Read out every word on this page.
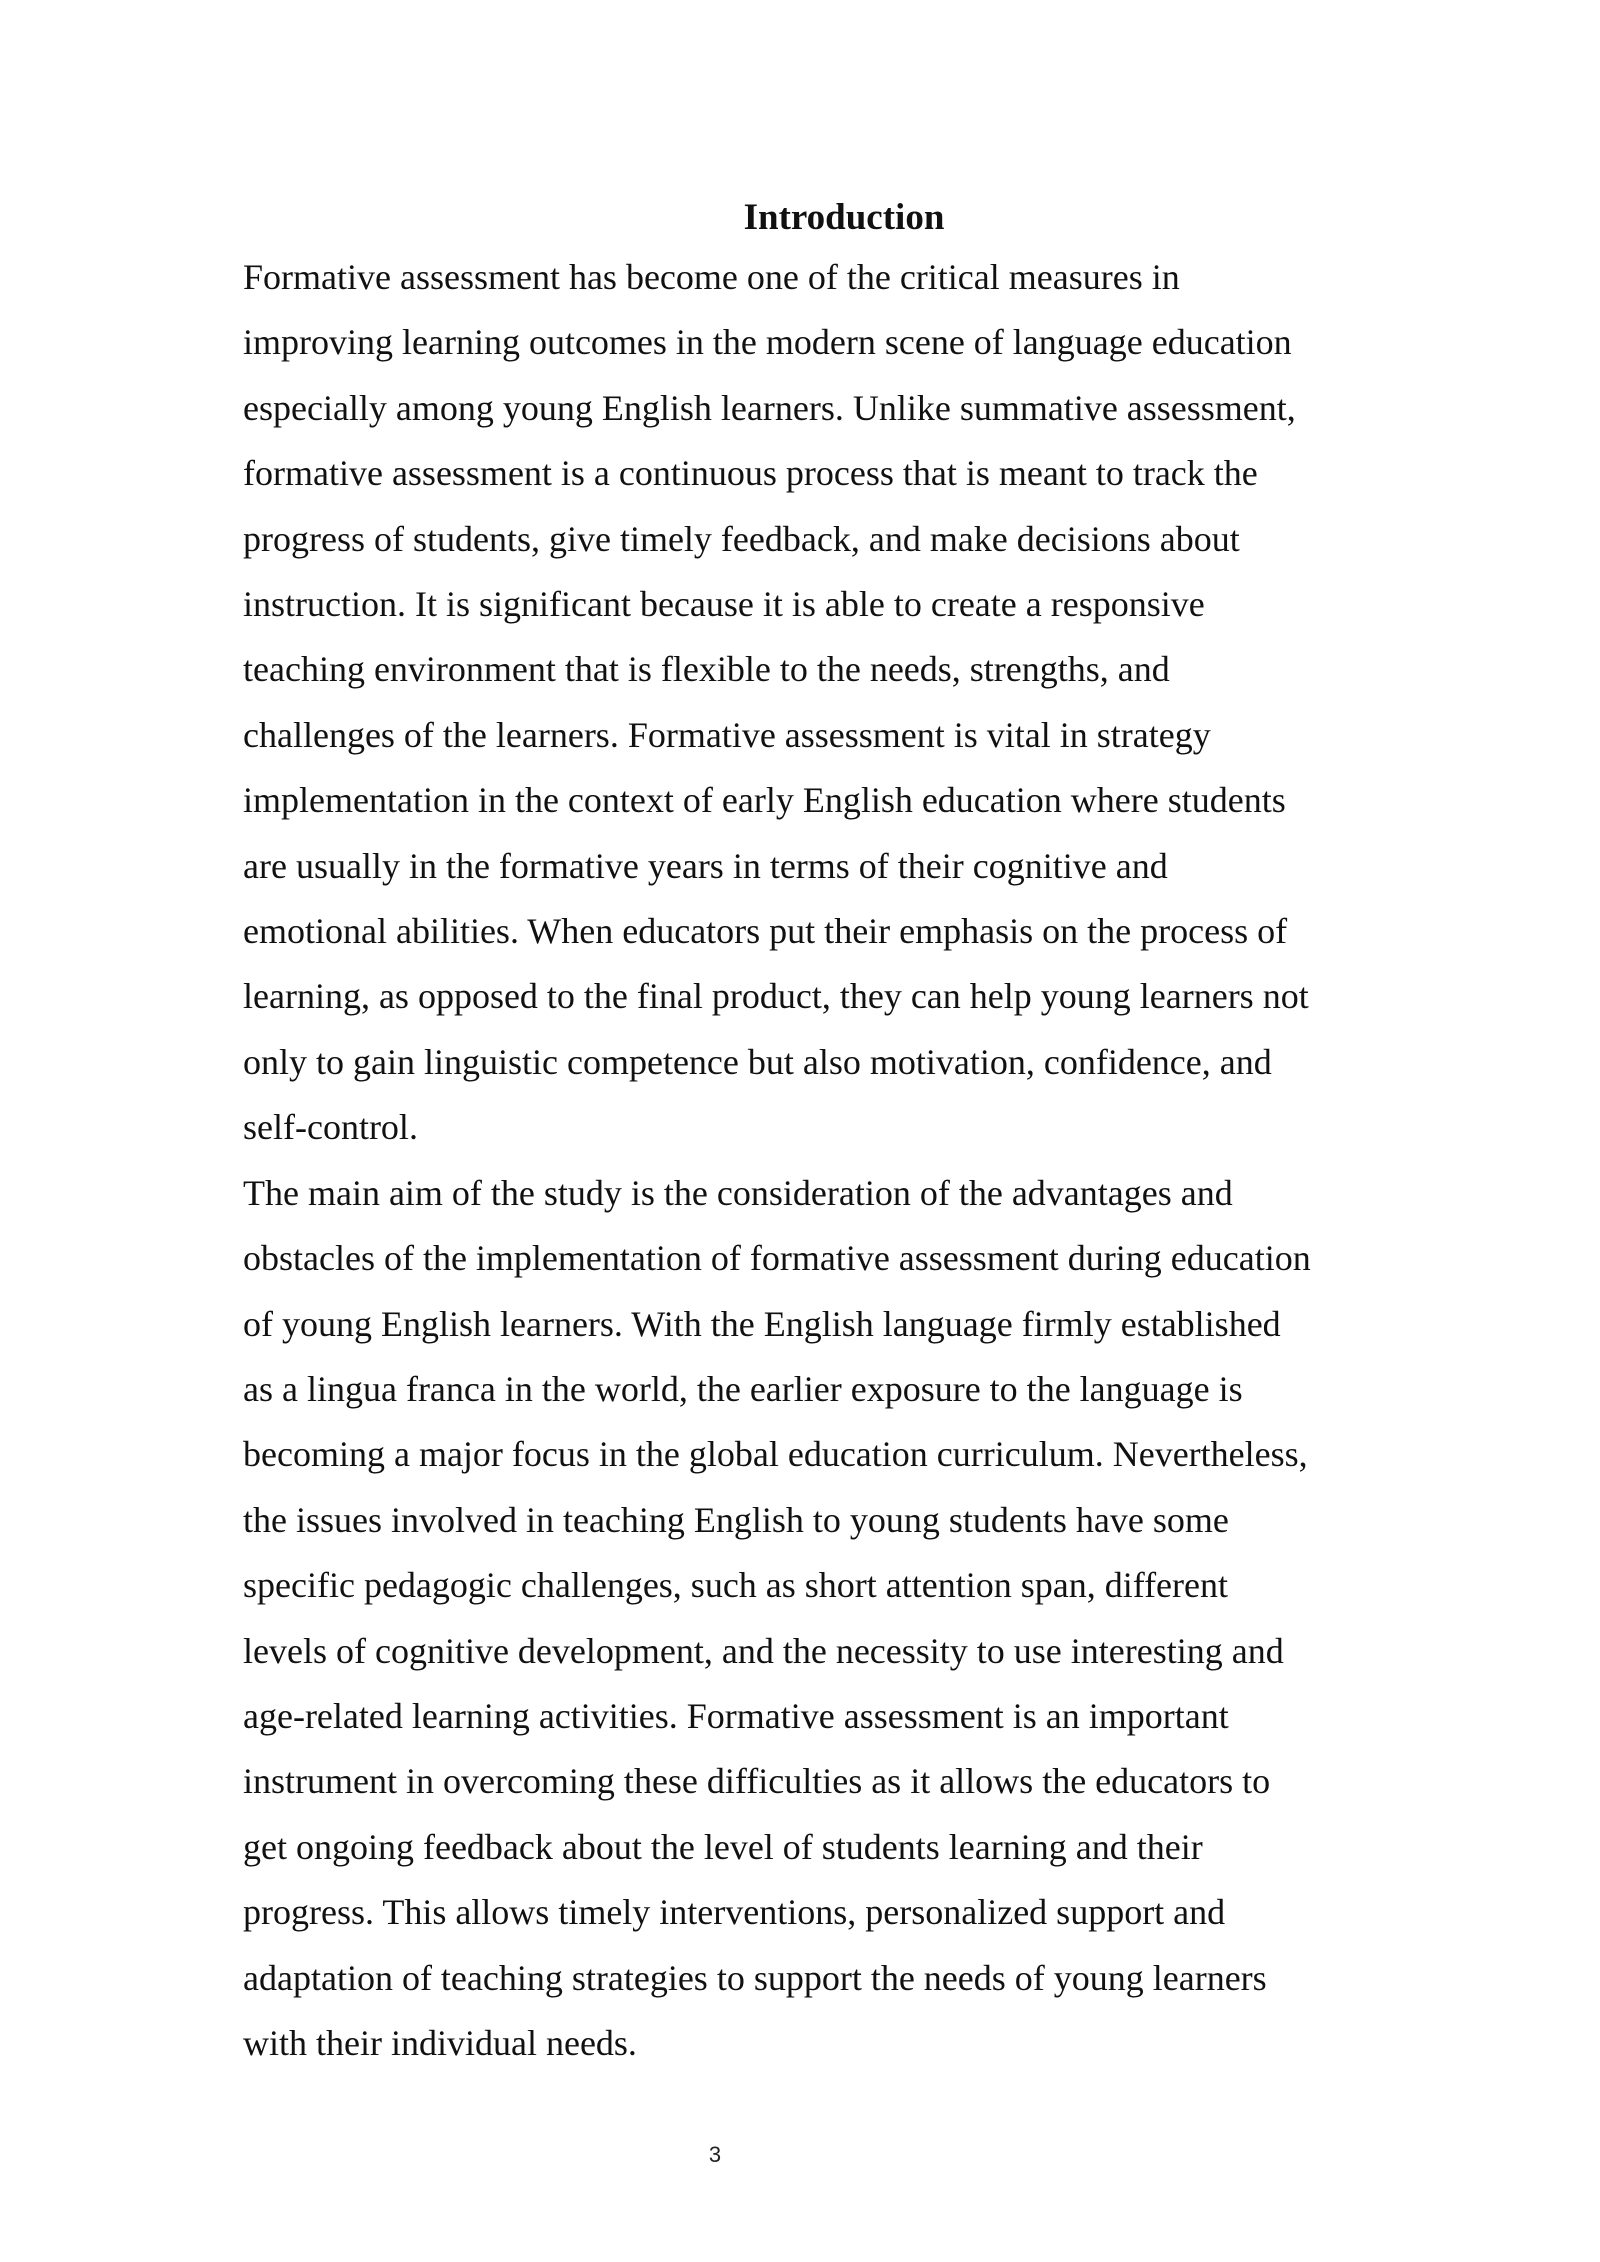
Introduction
Formative assessment has become one of the critical measures in
improving learning outcomes in the modern scene of language education
especially among young English learners. Unlike summative assessment,
formative assessment is a continuous process that is meant to track the
progress of students, give timely feedback, and make decisions about
instruction. It is significant because it is able to create a responsive
teaching environment that is flexible to the needs, strengths, and
challenges of the learners. Formative assessment is vital in strategy
implementation in the context of early English education where students
are usually in the formative years in terms of their cognitive and
emotional abilities. When educators put their emphasis on the process of
learning, as opposed to the final product, they can help young learners not
only to gain linguistic competence but also motivation, confidence, and
self-control.
The main aim of the study is the consideration of the advantages and
obstacles of the implementation of formative assessment during education
of young English learners. With the English language firmly established
as a lingua franca in the world, the earlier exposure to the language is
becoming a major focus in the global education curriculum. Nevertheless,
the issues involved in teaching English to young students have some
specific pedagogic challenges, such as short attention span, different
levels of cognitive development, and the necessity to use interesting and
age-related learning activities. Formative assessment is an important
instrument in overcoming these difficulties as it allows the educators to
get ongoing feedback about the level of students learning and their
progress. This allows timely interventions, personalized support and
adaptation of teaching strategies to support the needs of young learners
with their individual needs.
3
